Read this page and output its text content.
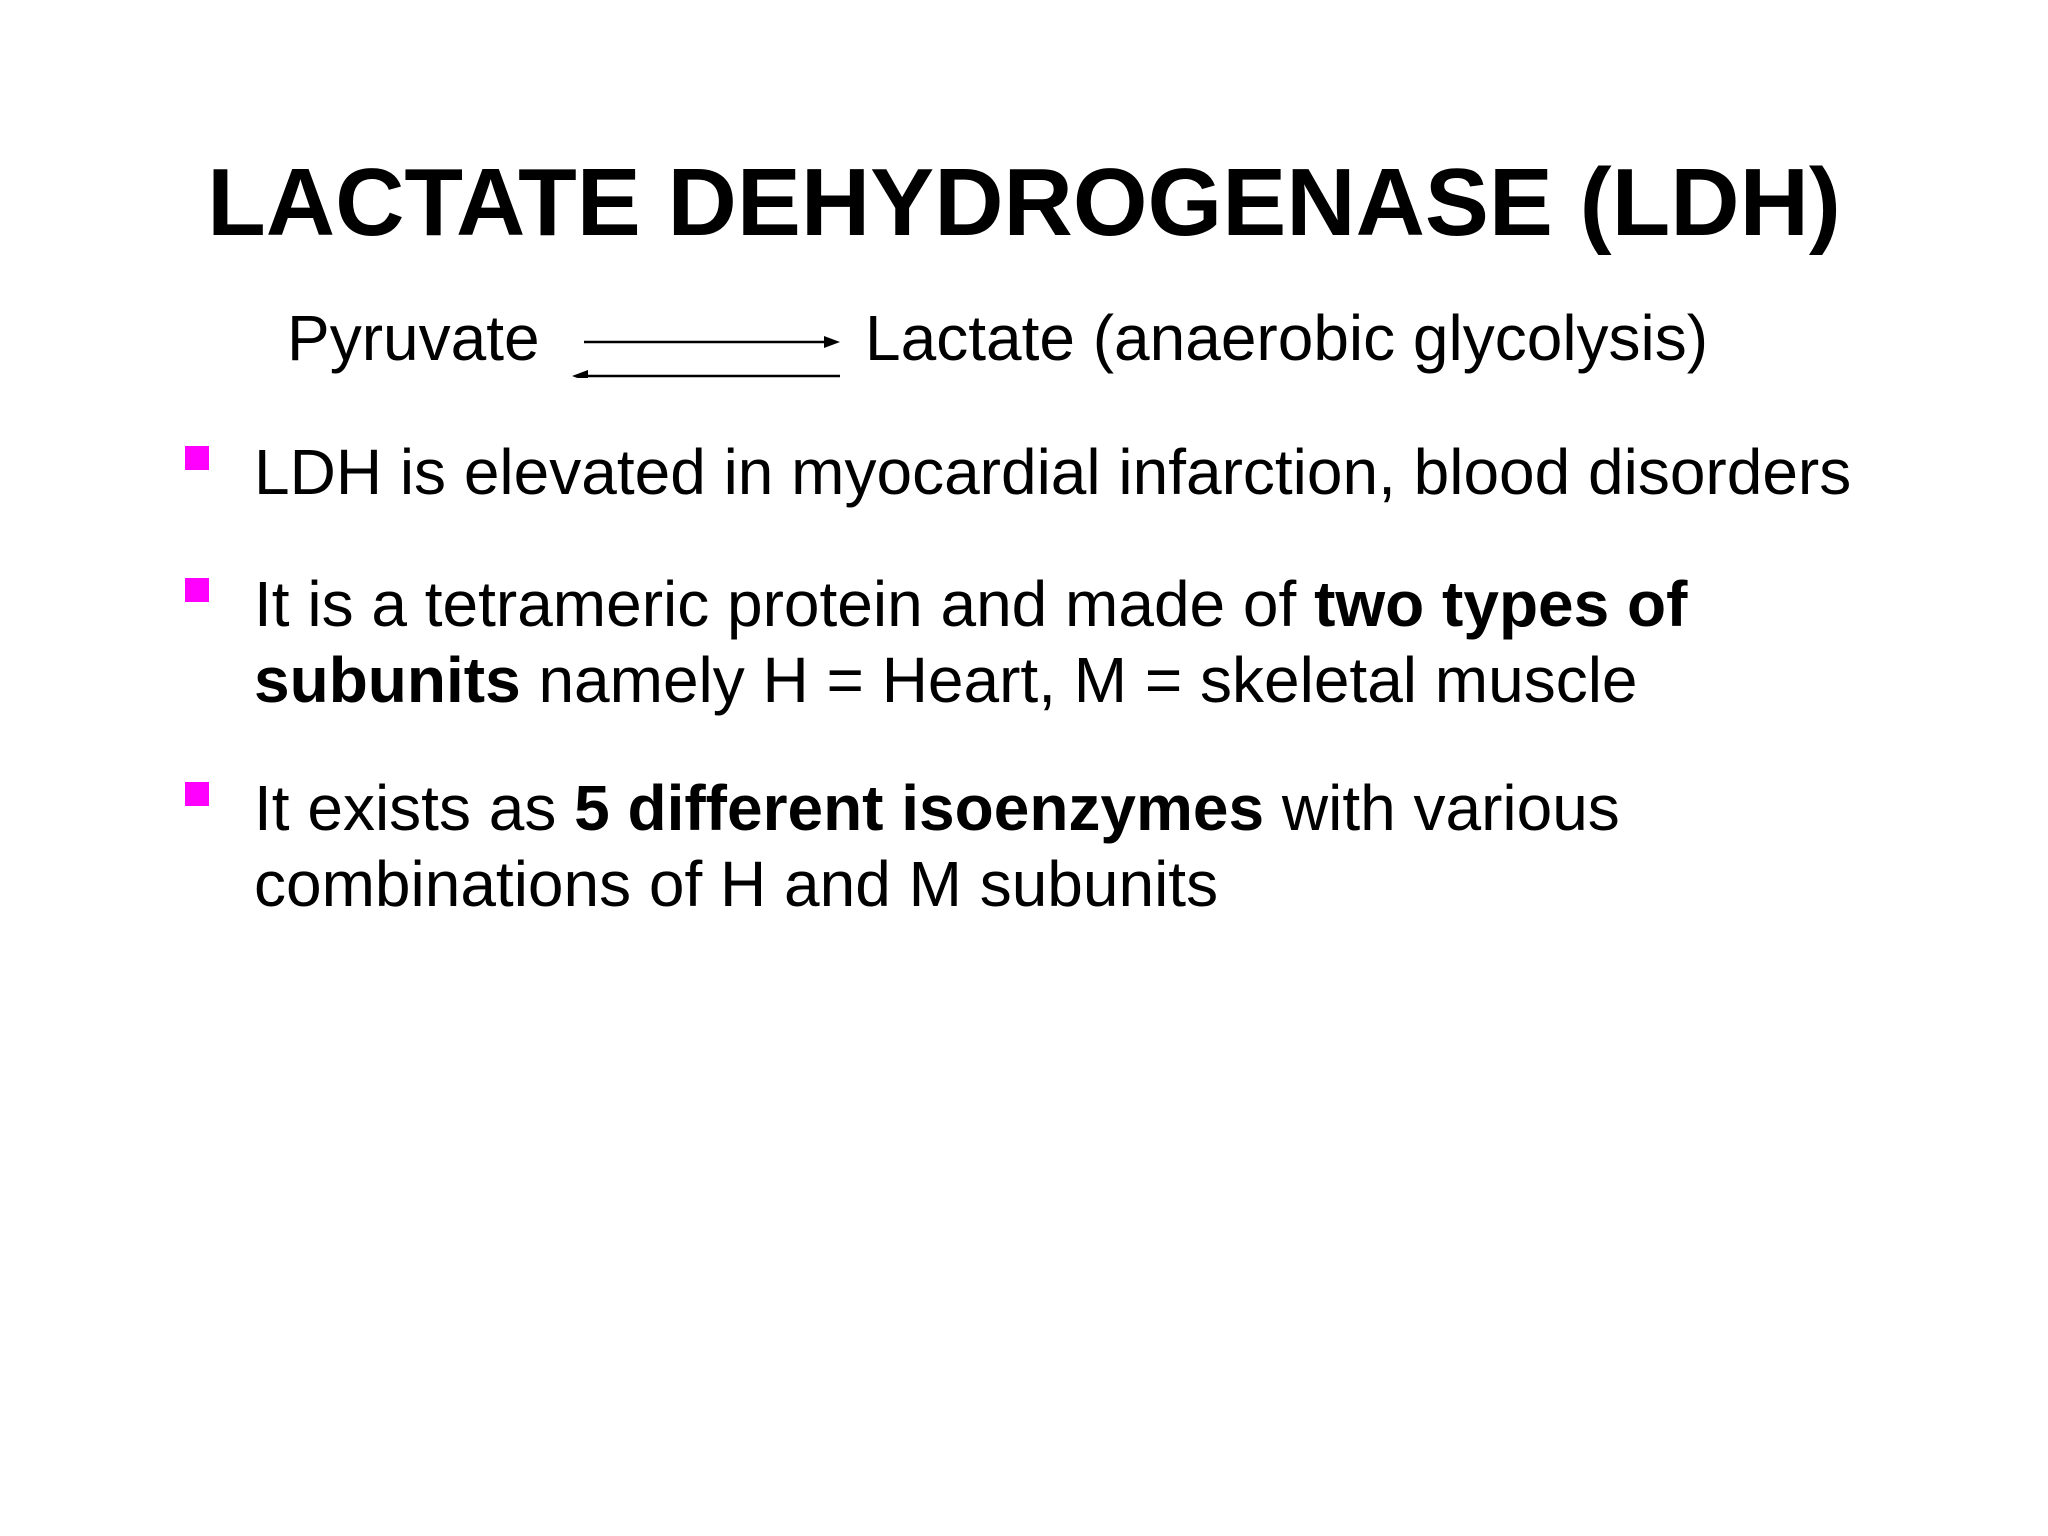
LACTATE DEHYDROGENASE (LDH)
Pyruvate	Lactate (anaerobic glycolysis)
LDH is elevated in myocardial infarction, blood disorders
It is a tetrameric protein and made of two types of subunits namely H = Heart, M = skeletal muscle
It exists as 5 different isoenzymes with various combinations of H and M subunits
